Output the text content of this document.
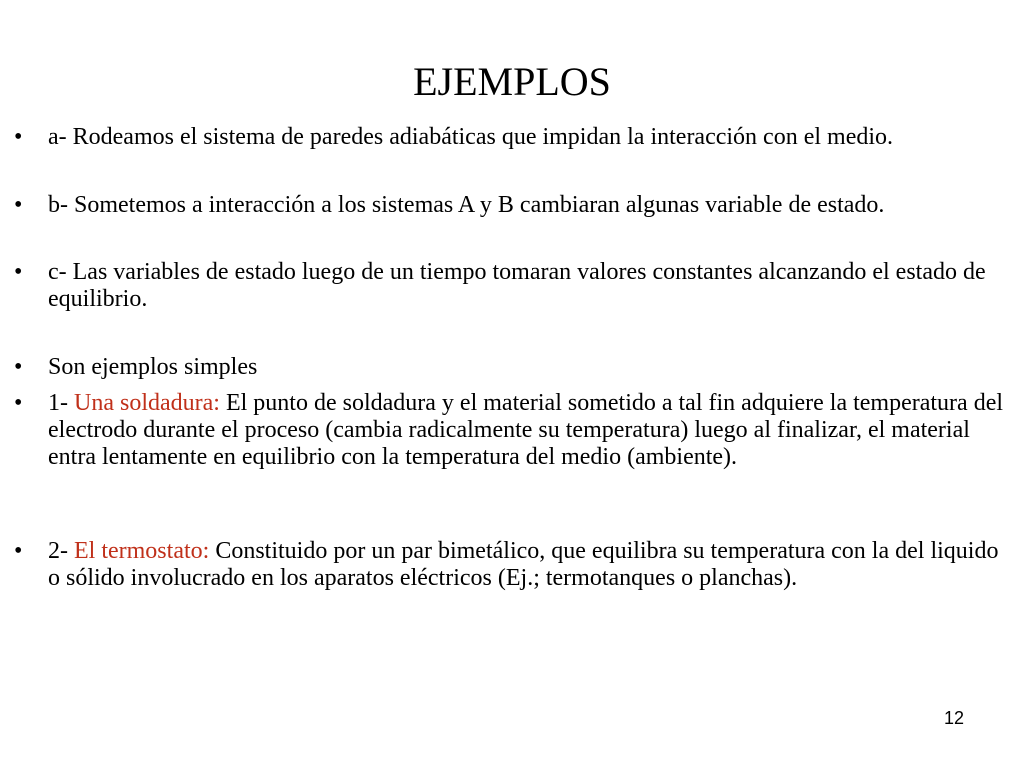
EJEMPLOS
• a- Rodeamos el sistema de paredes adiabáticas que impidan la interacción con el medio.
• b- Sometemos a interacción a los sistemas A y B cambiaran algunas variable de estado.
• c- Las variables de estado luego de un tiempo tomaran valores constantes alcanzando el estado de equilibrio.
• Son ejemplos simples
• 1- Una soldadura: El punto de soldadura y el material sometido a tal fin adquiere la temperatura del electrodo durante el proceso (cambia radicalmente su temperatura) luego al finalizar, el material entra lentamente en equilibrio con la temperatura del medio (ambiente).
• 2- El termostato: Constituido por un par bimetálico, que equilibra su temperatura con la del liquido o sólido involucrado en los aparatos eléctricos (Ej.; termotanques o planchas).
12
